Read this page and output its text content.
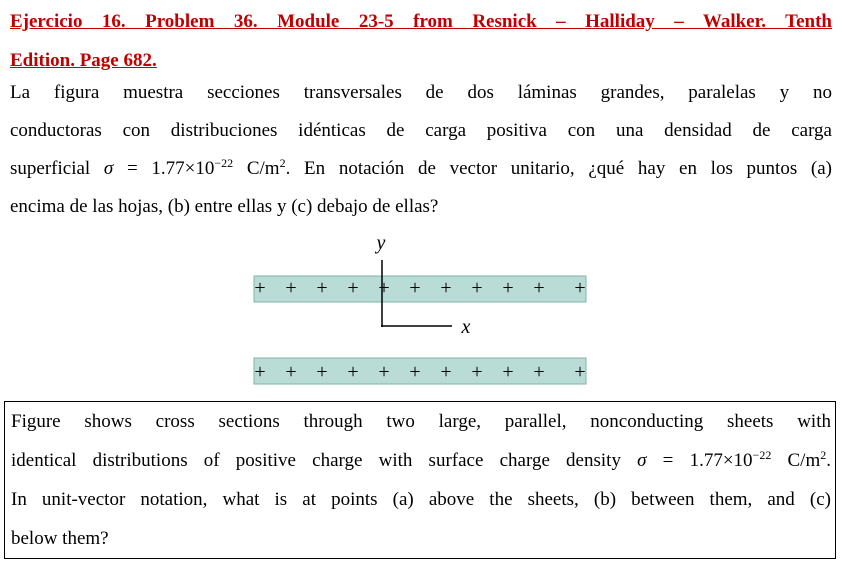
Ejercicio 16. Problem 36. Module 23-5 from Resnick – Halliday – Walker. Tenth
Edition. Page 682.
La figura muestra secciones transversales de dos láminas grandes, paralelas y no
conductoras con distribuciones idénticas de carga positiva con una densidad de carga
superficial $\sigma = 1.77\times 10^{-22}$ $C/m^2$. En notación de vector unitario, ¿qué hay en los puntos (a)
encima de las hojas, (b) entre ellas y (c) debajo de ellas?
+ + + + + + + + + + +
+ + + + + + + + + + +
y
x
Figure shows cross sections through two large, parallel, nonconducting sheets with
identical distributions of positive charge with surface charge density $\sigma = 1.77\times 10^{-22}$ $C/m^2$.
In unit-vector notation, what is at points (a) above the sheets, (b) between them, and (c)
below them?
